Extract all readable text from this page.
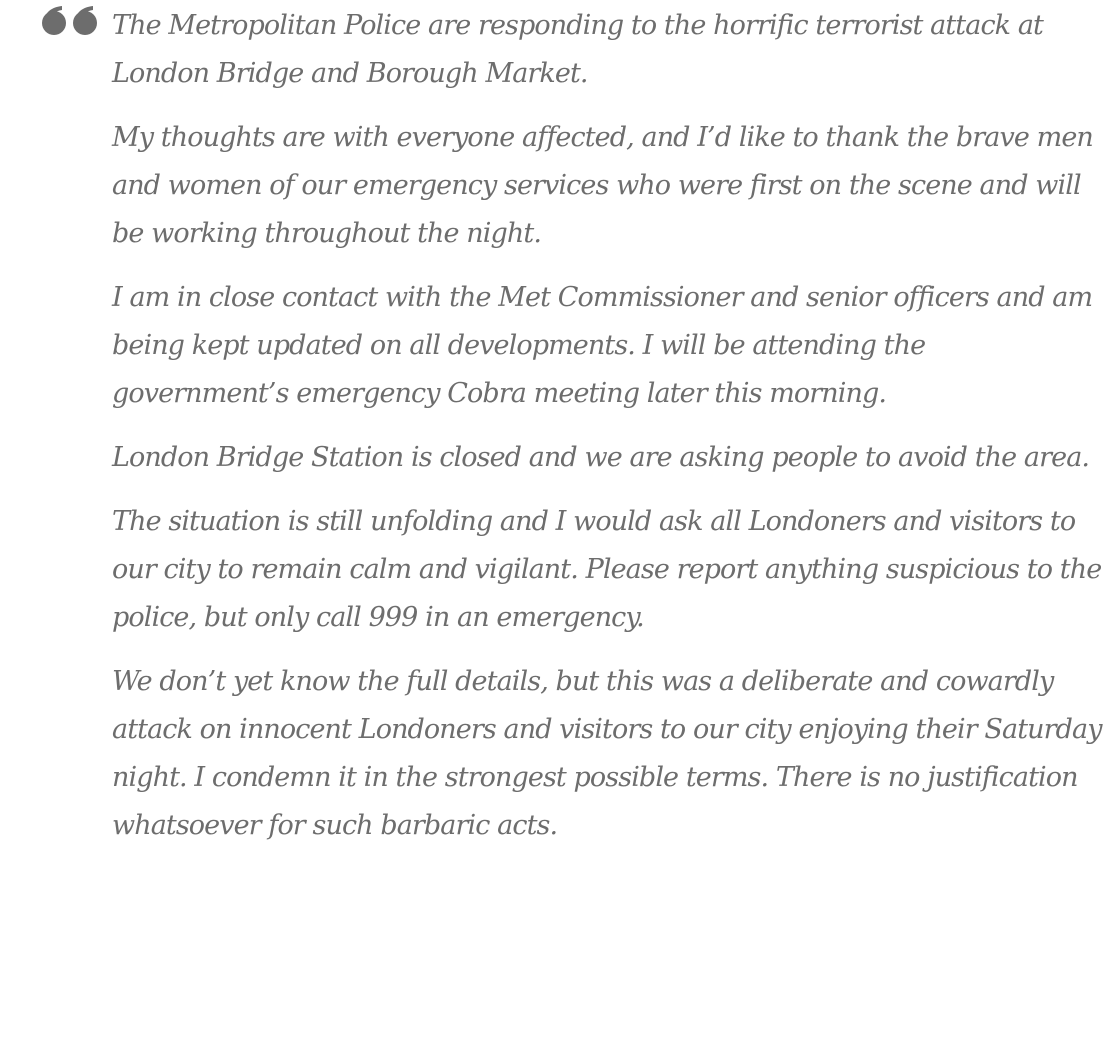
The Metropolitan Police are responding to the horrific terrorist attack at London Bridge and Borough Market.

My thoughts are with everyone affected, and I’d like to thank the brave men and women of our emergency services who were first on the scene and will be working throughout the night.

I am in close contact with the Met Commissioner and senior officers and am being kept updated on all developments. I will be attending the government’s emergency Cobra meeting later this morning.

London Bridge Station is closed and we are asking people to avoid the area.

The situation is still unfolding and I would ask all Londoners and visitors to our city to remain calm and vigilant. Please report anything suspicious to the police, but only call 999 in an emergency.

We don’t yet know the full details, but this was a deliberate and cowardly attack on innocent Londoners and visitors to our city enjoying their Saturday night. I condemn it in the strongest possible terms. There is no justification whatsoever for such barbaric acts.
